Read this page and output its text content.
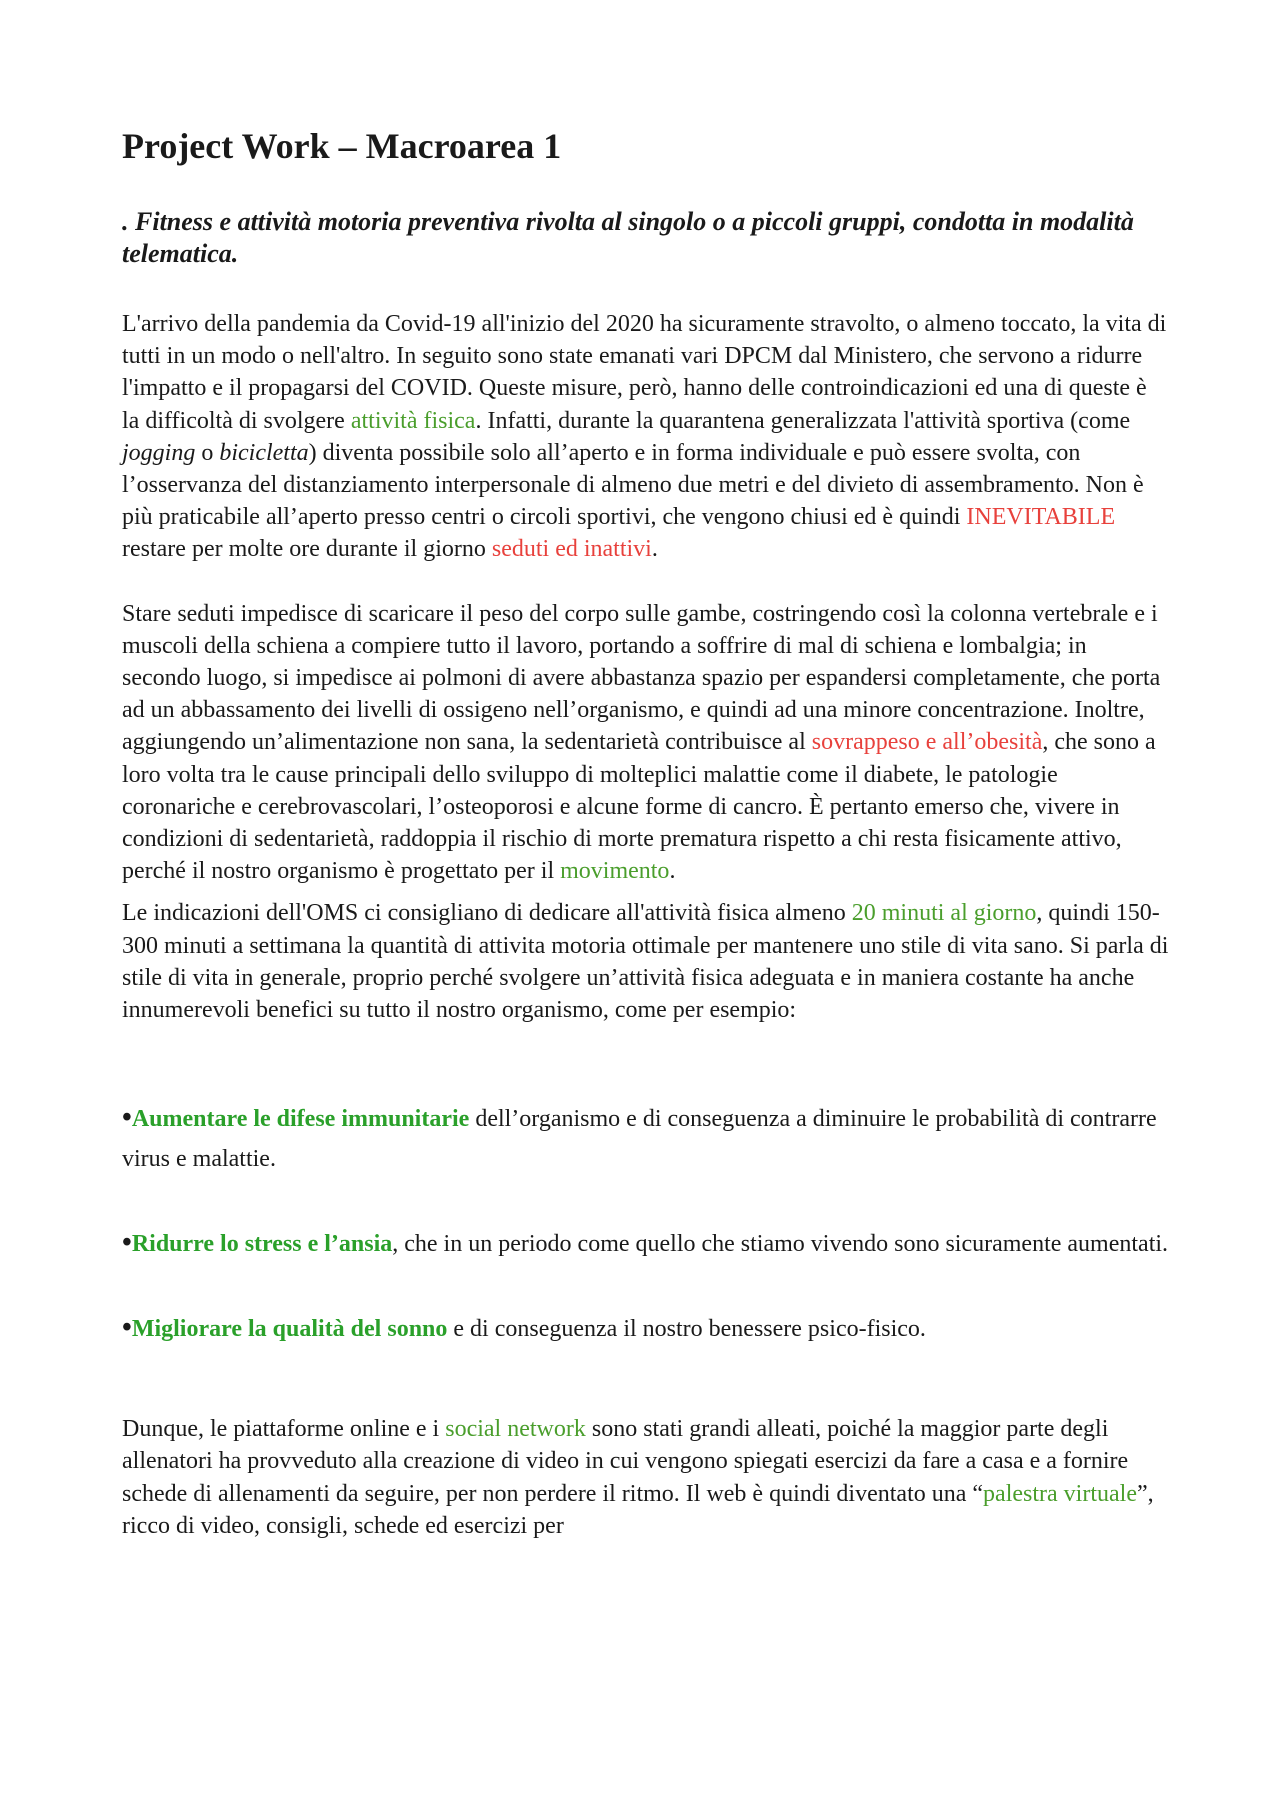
Project Work – Macroarea 1
. Fitness e attività motoria preventiva rivolta al singolo o a piccoli gruppi, condotta in modalità telematica.

L'arrivo della pandemia da Covid-19 all'inizio del 2020 ha sicuramente stravolto, o almeno toccato, la vita di tutti in un modo o nell'altro. In seguito sono state emanati vari DPCM dal Ministero, che servono a ridurre l'impatto e il propagarsi del COVID. Queste misure, però, hanno delle controindicazioni ed una di queste è la difficoltà di svolgere attività fisica. Infatti, durante la quarantena generalizzata l'attività sportiva (come jogging o bicicletta) diventa possibile solo all’aperto e in forma individuale e può essere svolta, con l’osservanza del distanziamento interpersonale di almeno due metri e del divieto di assembramento. Non è più praticabile all’aperto presso centri o circoli sportivi, che vengono chiusi ed è quindi INEVITABILE restare per molte ore durante il giorno seduti ed inattivi.

Stare seduti impedisce di scaricare il peso del corpo sulle gambe, costringendo così la colonna vertebrale e i muscoli della schiena a compiere tutto il lavoro, portando a soffrire di mal di schiena e lombalgia; in secondo luogo, si impedisce ai polmoni di avere abbastanza spazio per espandersi completamente, che porta ad un abbassamento dei livelli di ossigeno nell’organismo, e quindi ad una minore concentrazione. Inoltre, aggiungendo un’alimentazione non sana, la sedentarietà contribuisce al sovrappeso e all’obesità, che sono a loro volta tra le cause principali dello sviluppo di molteplici malattie come il diabete, le patologie coronariche e cerebrovascolari, l’osteoporosi e alcune forme di cancro. È pertanto emerso che, vivere in condizioni di sedentarietà, raddoppia il rischio di morte prematura rispetto a chi resta fisicamente attivo, perché il nostro organismo è progettato per il movimento.

Le indicazioni dell'OMS ci consigliano di dedicare all'attività fisica almeno 20 minuti al giorno, quindi 150-300 minuti a settimana la quantità di attivita motoria ottimale per mantenere uno stile di vita sano. Si parla di stile di vita in generale, proprio perché svolgere un’attività fisica adeguata e in maniera costante ha anche innumerevoli benefici su tutto il nostro organismo, come per esempio:

•Aumentare le difese immunitarie dell’organismo e di conseguenza a diminuire le probabilità di contrarre virus e malattie.
•Ridurre lo stress e l’ansia, che in un periodo come quello che stiamo vivendo sono sicuramente aumentati.
•Migliorare la qualità del sonno e di conseguenza il nostro benessere psico-fisico.

Dunque, le piattaforme online e i social network sono stati grandi alleati, poiché la maggior parte degli allenatori ha provveduto alla creazione di video in cui vengono spiegati esercizi da fare a casa e a fornire schede di allenamenti da seguire, per non perdere il ritmo. Il web è quindi diventato una “palestra virtuale”, ricco di video, consigli, schede ed esercizi per
